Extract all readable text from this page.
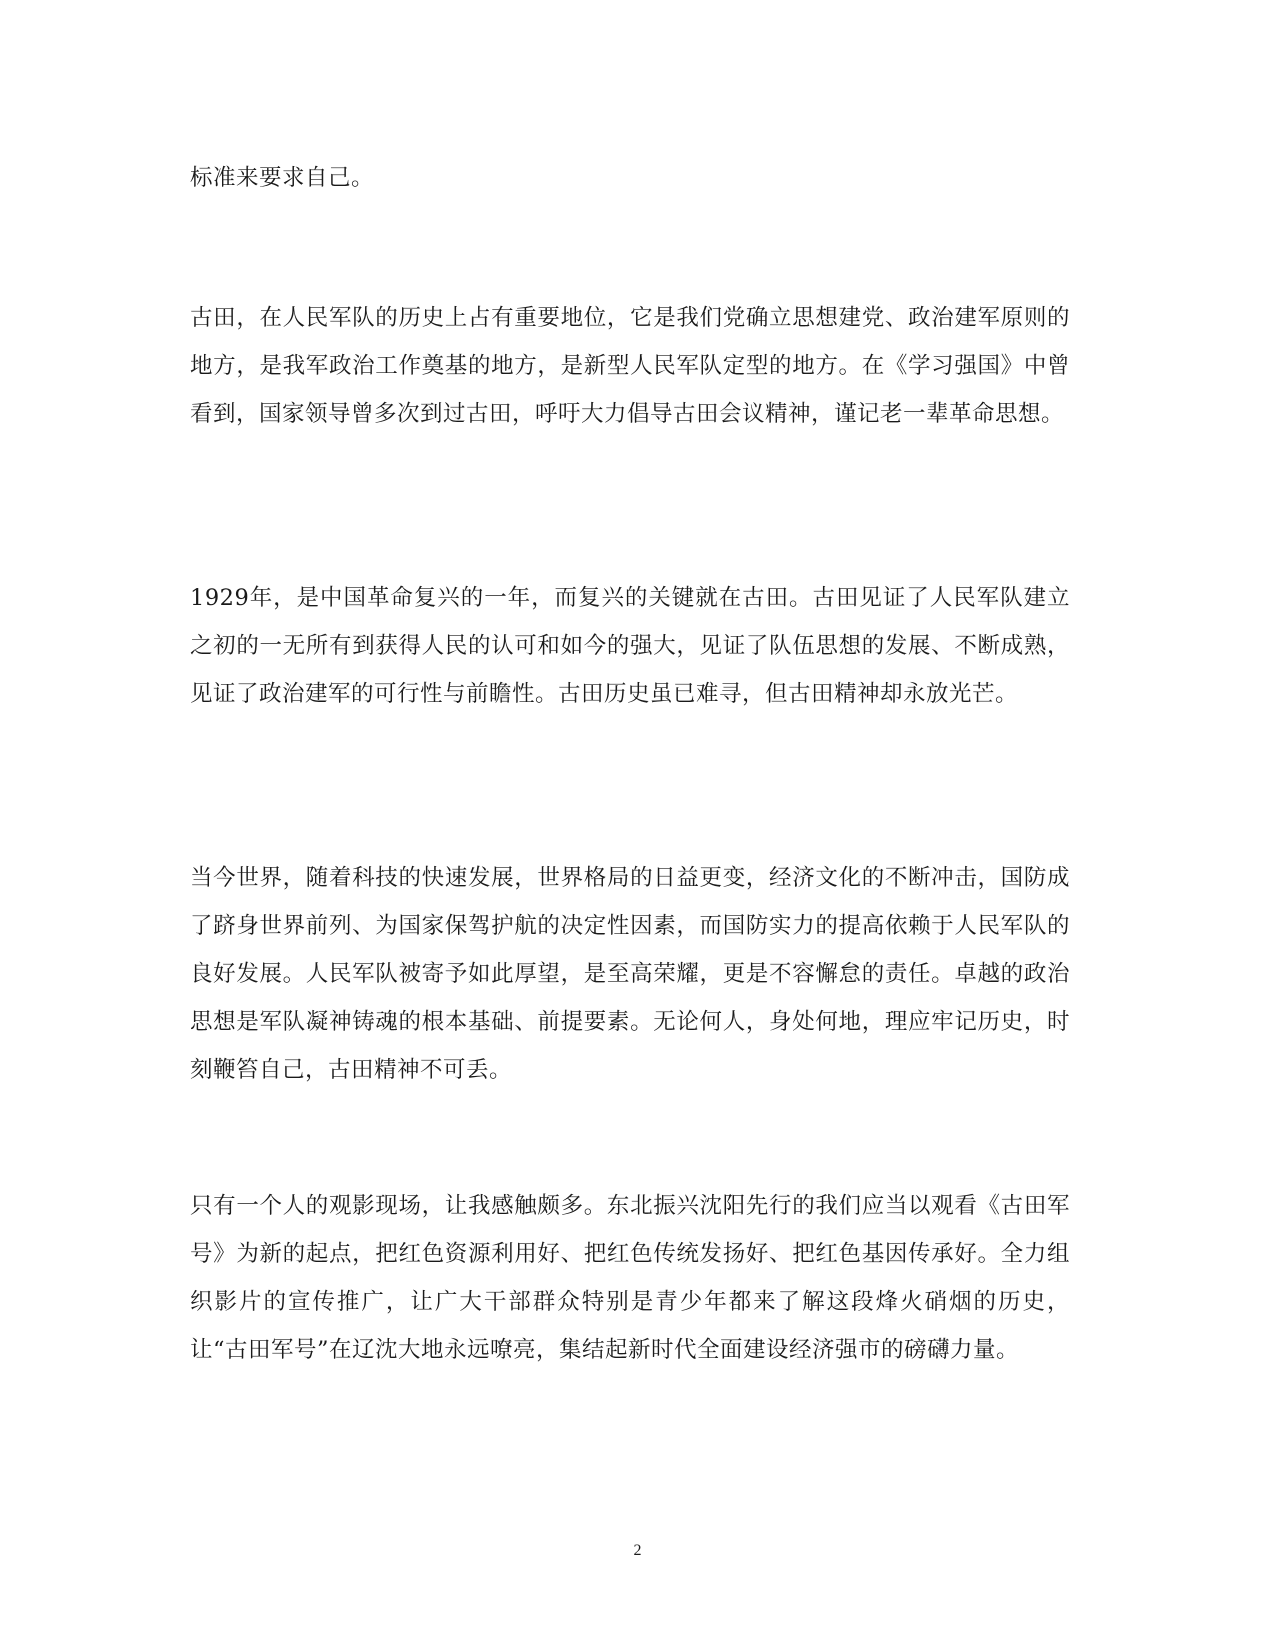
标准来要求自己。

古田，在人民军队的历史上占有重要地位，它是我们党确立思想建党、政治建军原则的地方，是我军政治工作奠基的地方，是新型人民军队定型的地方。在《学习强国》中曾看到，国家领导曾多次到过古田，呼吁大力倡导古田会议精神，谨记老一辈革命思想。

1929年，是中国革命复兴的一年，而复兴的关键就在古田。古田见证了人民军队建立之初的一无所有到获得人民的认可和如今的强大，见证了队伍思想的发展、不断成熟，见证了政治建军的可行性与前瞻性。古田历史虽已难寻，但古田精神却永放光芒。

当今世界，随着科技的快速发展，世界格局的日益更变，经济文化的不断冲击，国防成了跻身世界前列、为国家保驾护航的决定性因素，而国防实力的提高依赖于人民军队的良好发展。人民军队被寄予如此厚望，是至高荣耀，更是不容懈怠的责任。卓越的政治思想是军队凝神铸魂的根本基础、前提要素。无论何人，身处何地，理应牢记历史，时刻鞭笞自己，古田精神不可丢。

只有一个人的观影现场，让我感触颇多。东北振兴沈阳先行的我们应当以观看《古田军号》为新的起点，把红色资源利用好、把红色传统发扬好、把红色基因传承好。全力组织影片的宣传推广，让广大干部群众特别是青少年都来了解这段烽火硝烟的历史，让“古田军号”在辽沈大地永远嘹亮，集结起新时代全面建设经济强市的磅礴力量。

2
